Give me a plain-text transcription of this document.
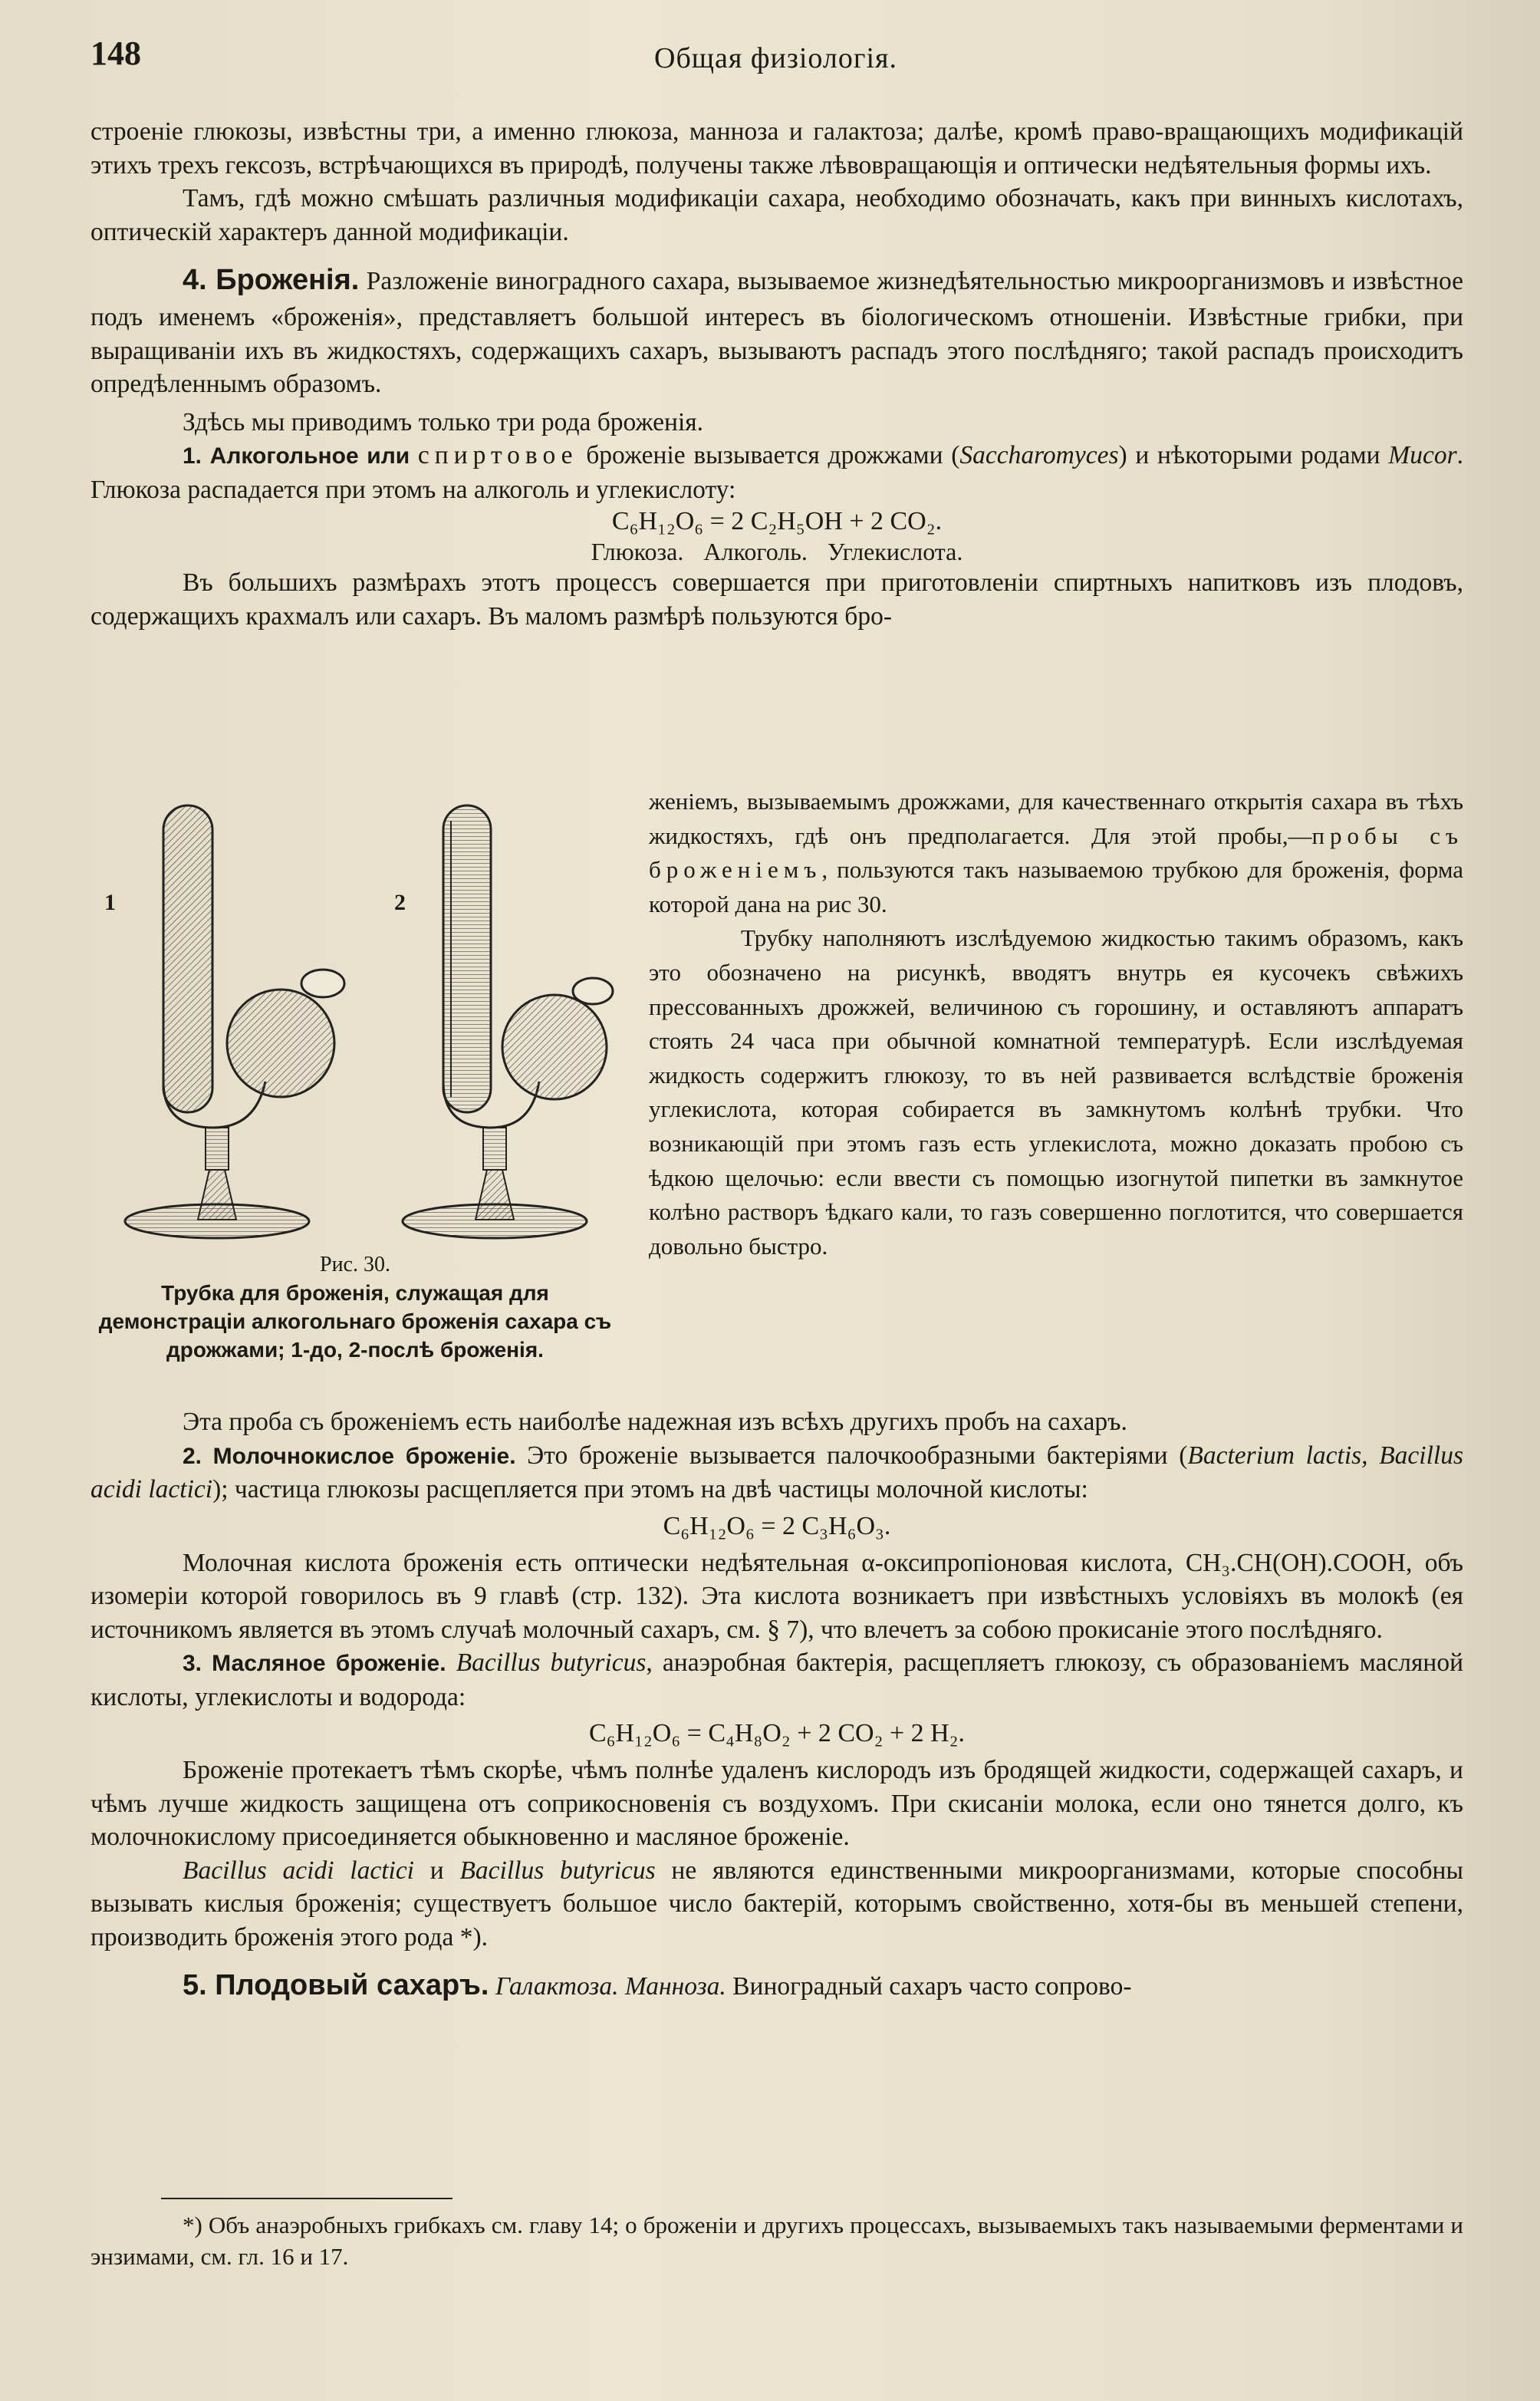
148	Общая физіологія.

строеніе глюкозы, извѣстны три, а именно глюкоза, манноза и галактоза; далѣе, кромѣ право-вращающихъ модификацій этихъ трехъ гексозъ, встрѣчающихся въ природѣ, получены также лѣвовращающія и оптически недѣятельныя формы ихъ.

Тамъ, гдѣ можно смѣшать различныя модификаціи сахара, необходимо обозначать, какъ при винныхъ кислотахъ, оптическій характеръ данной модификаціи.

4. Броженія. Разложеніе виноградного сахара, вызываемое жизнедѣятельностью микроорганизмовъ и извѣстное подъ именемъ «броженія», представляетъ большой интересъ въ біологическомъ отношеніи. Извѣстные грибки, при выращиваніи ихъ въ жидкостяхъ, содержащихъ сахаръ, вызываютъ распадъ этого послѣдняго; такой распадъ происходитъ опредѣленнымъ образомъ.

Здѣсь мы приводимъ только три рода броженія.

1. Алкогольное или спиртовое броженіе вызывается дрожжами (Saccharomyces) и нѣкоторыми родами Mucor. Глюкоза распадается при этомъ на алкоголь и углекислоту:

C₆H₁₂O₆ = 2 C₂H₅OH + 2 CO₂.

Глюкоза. Алкоголь. Углекислота.

Въ большихъ размѣрахъ этотъ процессъ совершается при приготовленіи спиртныхъ напитковъ изъ плодовъ, содержащихъ крахмалъ или сахаръ. Въ маломъ размѣрѣ пользуются бро-

1	2
Рис. 30.
Трубка для броженія, служащая для демонстраціи алкогольнаго броженія сахара съ дрожжами; 1-до, 2-послѣ броженія.

женіемъ, вызываемымъ дрожжами, для качественнаго открытія сахара въ тѣхъ жидкостяхъ, гдѣ онъ предполагается. Для этой пробы,—пробы съ броженіемъ, пользуются такъ называемою трубкою для броженія, форма которой дана на рис 30.

Трубку наполняютъ изслѣдуемою жидкостью такимъ образомъ, какъ это обозначено на рисункѣ, вводятъ внутрь ея кусочекъ свѣжихъ прессованныхъ дрожжей, величиною съ горошину, и оставляютъ аппаратъ стоять 24 часа при обычной комнатной температурѣ. Если изслѣдуемая жидкость содержитъ глюкозу, то въ ней развивается вслѣдствіе броженія углекислота, которая собирается въ замкнутомъ колѣнѣ трубки. Что возникающій при этомъ газъ есть углекислота, можно доказать пробою съ ѣдкою щелочью: если ввести съ помощью изогнутой пипетки въ замкнутое колѣно растворъ ѣдкаго кали, то газъ совершенно поглотится, что совершается довольно быстро.

Эта проба съ броженіемъ есть наиболѣе надежная изъ всѣхъ другихъ пробъ на сахаръ.

2. Молочнокислое броженіе. Это броженіе вызывается палочкообразными бактеріями (Bacterium lactis, Bacillus acidi lactici); частица глюкозы расщепляется при этомъ на двѣ частицы молочной кислоты:

C₆H₁₂O₆ = 2 C₃H₆O₃.

Молочная кислота броженія есть оптически недѣятельная α-оксипропіоновая кислота, CH₃.CH(OH).COOH, объ изомеріи которой говорилось въ 9 главѣ (стр. 132). Эта кислота возникаетъ при извѣстныхъ условіяхъ въ молокѣ (ея источникомъ является въ этомъ случаѣ молочный сахаръ, см. § 7), что влечетъ за собою прокисаніе этого послѣдняго.

3. Масляное броженіе. Bacillus butyricus, анаэробная бактерія, расщепляетъ глюкозу, съ образованіемъ масляной кислоты, углекислоты и водорода:

C₆H₁₂O₆ = C₄H₈O₂ + 2 CO₂ + 2 H₂.

Броженіе протекаетъ тѣмъ скорѣе, чѣмъ полнѣе удаленъ кислородъ изъ бродящей жидкости, содержащей сахаръ, и чѣмъ лучше жидкость защищена отъ соприкосновенія съ воздухомъ. При скисаніи молока, если оно тянется долго, къ молочнокислому присоединяется обыкновенно и масляное броженіе.

Bacillus acidi lactici и Bacillus butyricus не являются единственными микроорганизмами, которые способны вызывать кислыя броженія; существуетъ большое число бактерій, которымъ свойственно, хотя-бы въ меньшей степени, производить броженія этого рода *).

5. Плодовый сахаръ. Галактоза. Манноза. Виноградный сахаръ часто сопрово-

*) Объ анаэробныхъ грибкахъ см. главу 14; о броженіи и другихъ процессахъ, вызываемыхъ такъ называемыми ферментами и энзимами, см. гл. 16 и 17.
